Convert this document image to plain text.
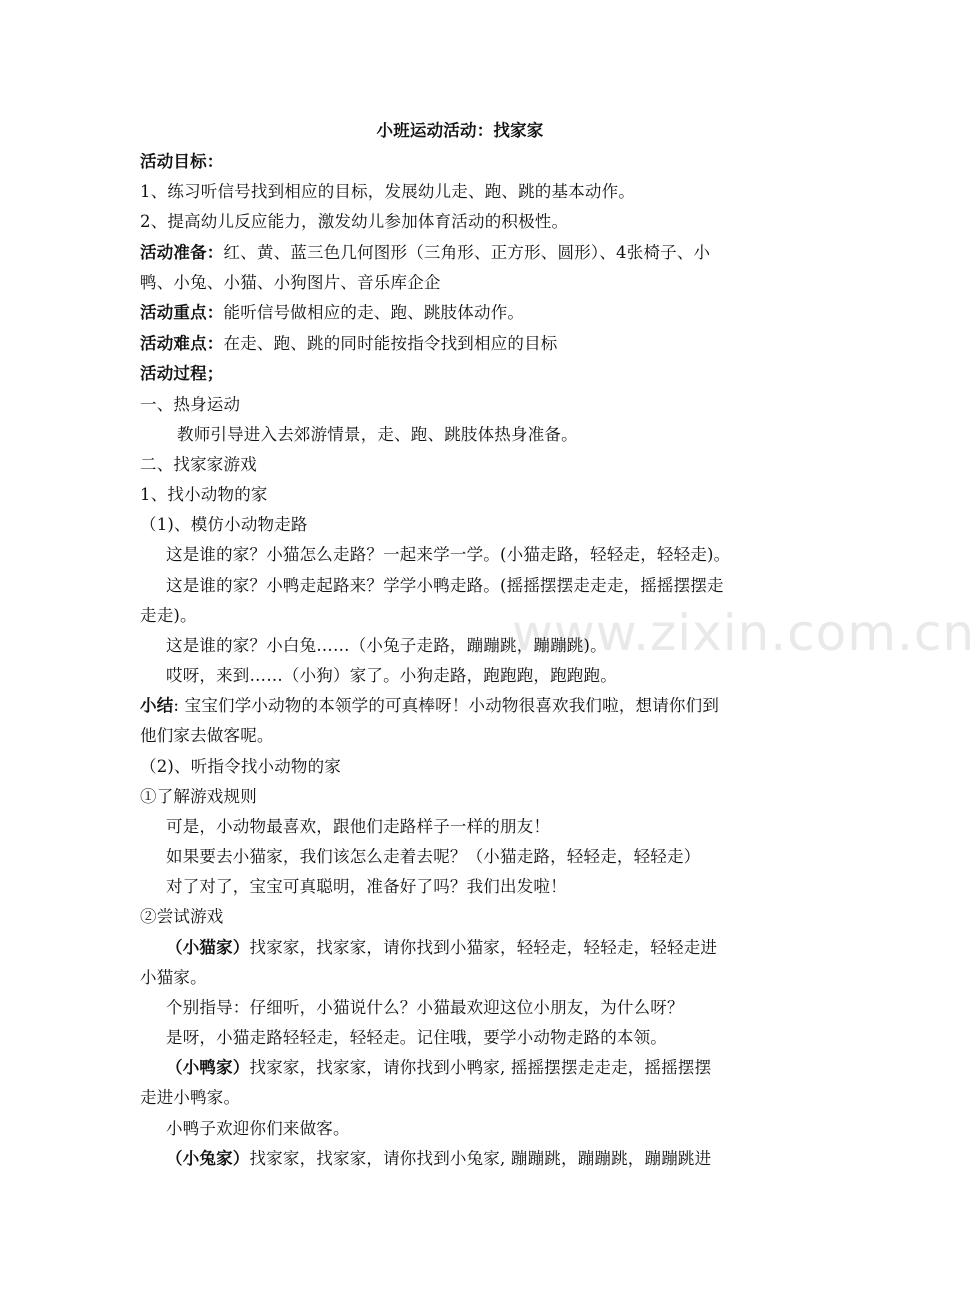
www.zixin.com.cn
小班运动活动：找家家
活动目标：
1、练习听信号找到相应的目标，发展幼儿走、跑、跳的基本动作。
2、提高幼儿反应能力，激发幼儿参加体育活动的积极性。
活动准备：红、黄、蓝三色几何图形（三角形、正方形、圆形）、4张椅子、小
鸭、小兔、小猫、小狗图片、音乐库企企
活动重点：能听信号做相应的走、跑、跳肢体动作。
活动难点：在走、跑、跳的同时能按指令找到相应的目标
活动过程；
一、热身运动
教师引导进入去郊游情景，走、跑、跳肢体热身准备。
二、找家家游戏
1、找小动物的家
（1)、模仿小动物走路
这是谁的家？小猫怎么走路？一起来学一学。(小猫走路，轻轻走，轻轻走)。
这是谁的家？小鸭走起路来？学学小鸭走路。(摇摇摆摆走走走，摇摇摆摆走
走走)。
这是谁的家？小白兔……（小兔子走路，蹦蹦跳，蹦蹦跳)。
哎呀，来到……（小狗）家了。小狗走路，跑跑跑，跑跑跑。
小结: 宝宝们学小动物的本领学的可真棒呀！小动物很喜欢我们啦，想请你们到
他们家去做客呢。
（2)、听指令找小动物的家
①了解游戏规则
可是，小动物最喜欢，跟他们走路样子一样的朋友！
如果要去小猫家，我们该怎么走着去呢？（小猫走路，轻轻走，轻轻走）
对了对了，宝宝可真聪明，准备好了吗？我们出发啦！
②尝试游戏
（小猫家）找家家，找家家，请你找到小猫家，轻轻走，轻轻走，轻轻走进
小猫家。
个别指导：仔细听，小猫说什么？小猫最欢迎这位小朋友，为什么呀？
是呀，小猫走路轻轻走，轻轻走。记住哦，要学小动物走路的本领。
（小鸭家）找家家，找家家，请你找到小鸭家, 摇摇摆摆走走走，摇摇摆摆
走进小鸭家。
小鸭子欢迎你们来做客。
（小兔家）找家家，找家家，请你找到小兔家, 蹦蹦跳，蹦蹦跳，蹦蹦跳进
